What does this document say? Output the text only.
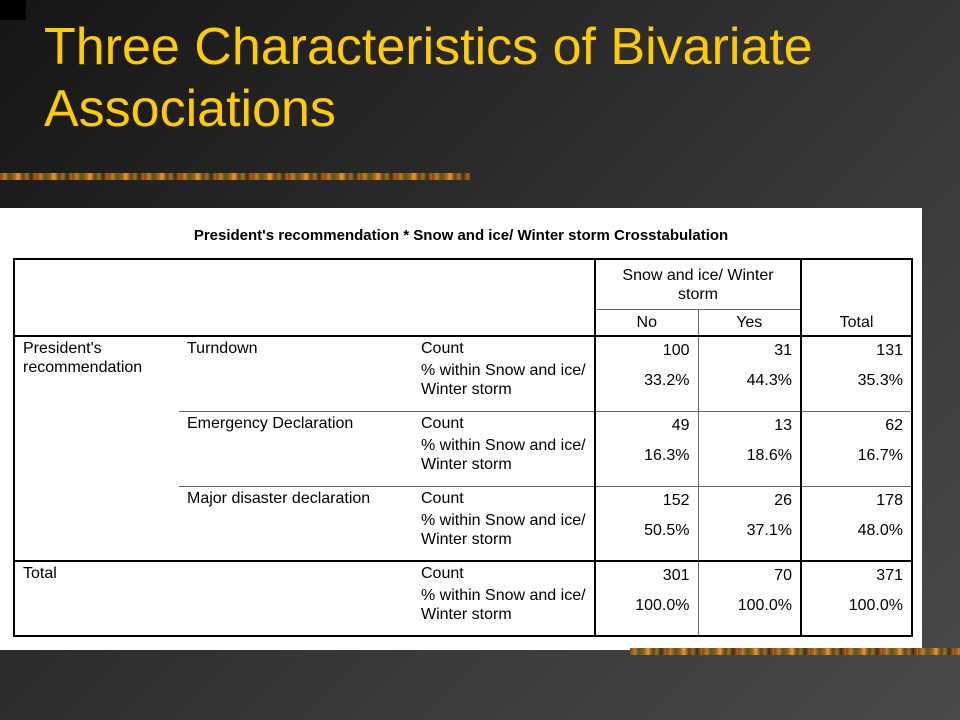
Three Characteristics of Bivariate
Associations
President's recommendation * Snow and ice/ Winter storm Crosstabulation
			Snow and ice/ Winter storm		Total
			No	Yes	
President's recommendation	Turndown	Count	100	31	131
		% within Snow and ice/ Winter storm	33.2%	44.3%	35.3%
	Emergency Declaration	Count	49	13	62
		% within Snow and ice/ Winter storm	16.3%	18.6%	16.7%
	Major disaster declaration	Count	152	26	178
		% within Snow and ice/ Winter storm	50.5%	37.1%	48.0%
Total		Count	301	70	371
		% within Snow and ice/ Winter storm	100.0%	100.0%	100.0%
